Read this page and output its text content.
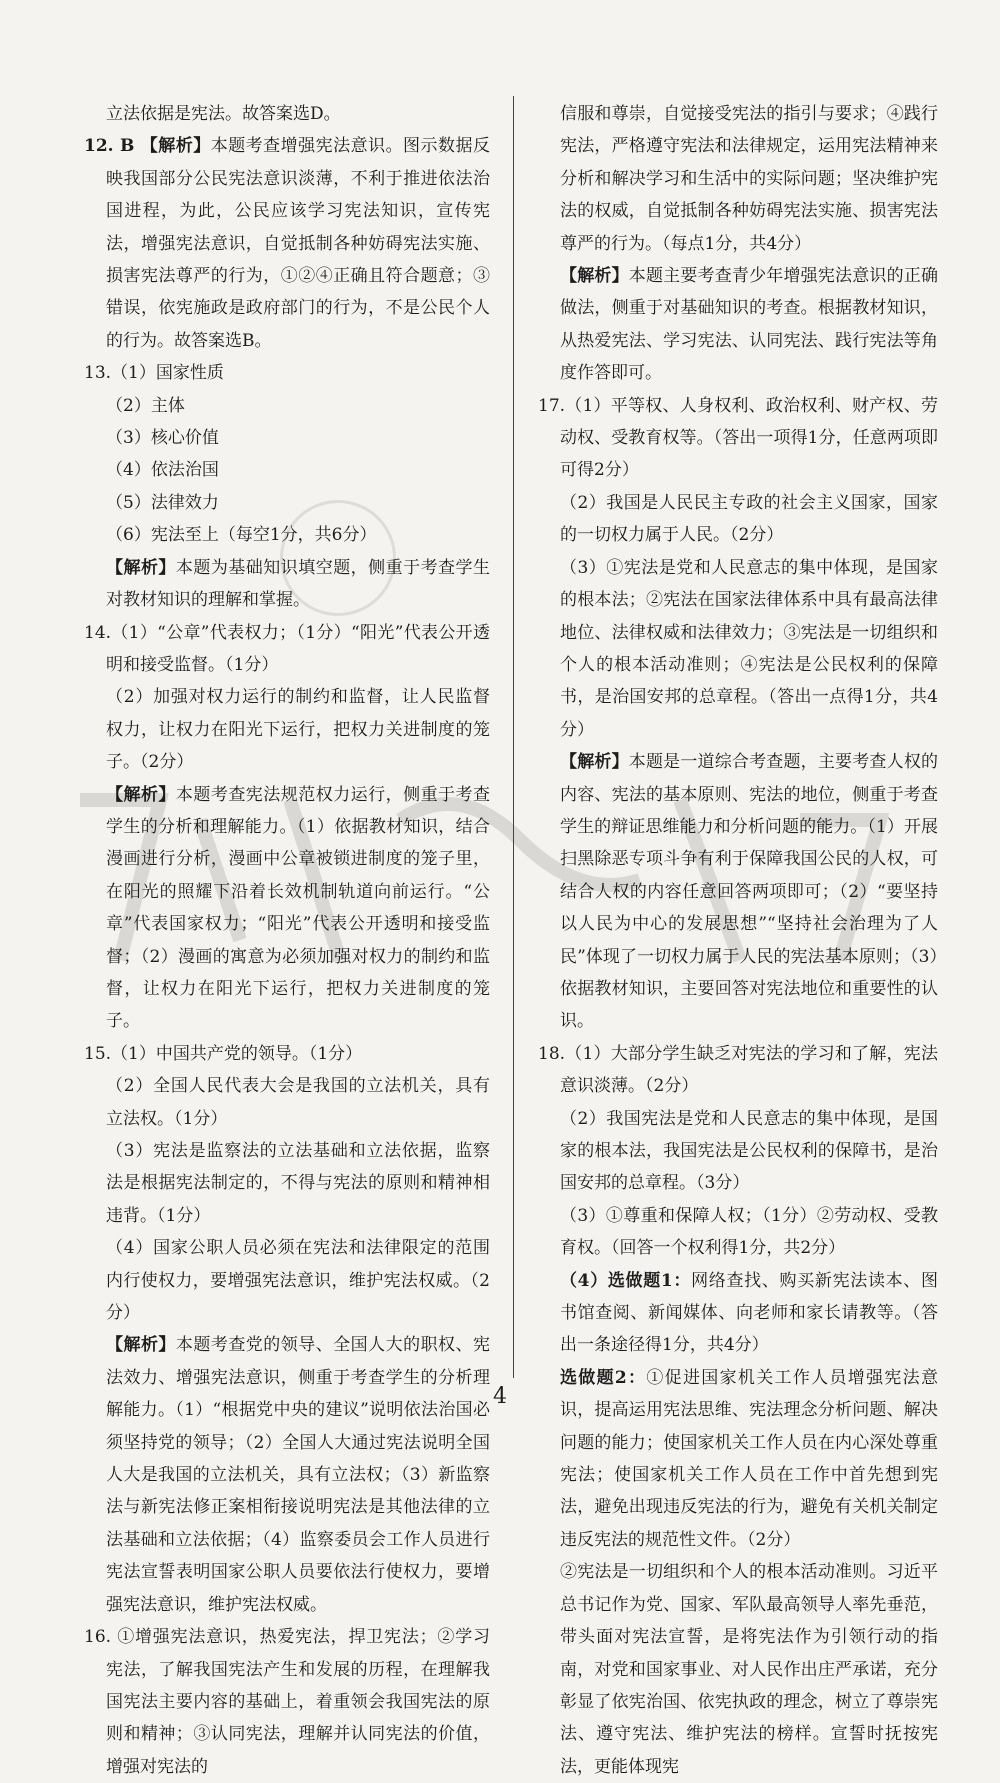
立法依据是宪法。故答案选D。

12. B 【解析】本题考查增强宪法意识。图示数据反映我国部分公民宪法意识淡薄，不利于推进依法治国进程，为此，公民应该学习宪法知识，宣传宪法，增强宪法意识，自觉抵制各种妨碍宪法实施、损害宪法尊严的行为，①②④正确且符合题意；③错误，依宪施政是政府部门的行为，不是公民个人的行为。故答案选B。

13.（1）国家性质

（2）主体

（3）核心价值

（4）依法治国

（5）法律效力

（6）宪法至上（每空1分，共6分）

【解析】本题为基础知识填空题，侧重于考查学生对教材知识的理解和掌握。

14.（1）“公章”代表权力；（1分）“阳光”代表公开透明和接受监督。（1分）

（2）加强对权力运行的制约和监督，让人民监督权力，让权力在阳光下运行，把权力关进制度的笼子。（2分）

【解析】本题考查宪法规范权力运行，侧重于考查学生的分析和理解能力。（1）依据教材知识，结合漫画进行分析，漫画中公章被锁进制度的笼子里，在阳光的照耀下沿着长效机制轨道向前运行。“公章”代表国家权力；“阳光”代表公开透明和接受监督；（2）漫画的寓意为必须加强对权力的制约和监督，让权力在阳光下运行，把权力关进制度的笼子。

15.（1）中国共产党的领导。（1分）

（2）全国人民代表大会是我国的立法机关，具有立法权。（1分）

（3）宪法是监察法的立法基础和立法依据，监察法是根据宪法制定的，不得与宪法的原则和精神相违背。（1分）

（4）国家公职人员必须在宪法和法律限定的范围内行使权力，要增强宪法意识，维护宪法权威。（2分）

【解析】本题考查党的领导、全国人大的职权、宪法效力、增强宪法意识，侧重于考查学生的分析理解能力。（1）“根据党中央的建议”说明依法治国必须坚持党的领导；（2）全国人大通过宪法说明全国人大是我国的立法机关，具有立法权；（3）新监察法与新宪法修正案相衔接说明宪法是其他法律的立法基础和立法依据；（4）监察委员会工作人员进行宪法宣誓表明国家公职人员要依法行使权力，要增强宪法意识，维护宪法权威。

16. ①增强宪法意识，热爱宪法，捍卫宪法；②学习宪法，了解我国宪法产生和发展的历程，在理解我国宪法主要内容的基础上，着重领会我国宪法的原则和精神；③认同宪法，理解并认同宪法的价值，增强对宪法的

信服和尊崇，自觉接受宪法的指引与要求；④践行宪法，严格遵守宪法和法律规定，运用宪法精神来分析和解决学习和生活中的实际问题；坚决维护宪法的权威，自觉抵制各种妨碍宪法实施、损害宪法尊严的行为。（每点1分，共4分）

【解析】本题主要考查青少年增强宪法意识的正确做法，侧重于对基础知识的考查。根据教材知识，从热爱宪法、学习宪法、认同宪法、践行宪法等角度作答即可。

17.（1）平等权、人身权利、政治权利、财产权、劳动权、受教育权等。（答出一项得1分，任意两项即可得2分）

（2）我国是人民民主专政的社会主义国家，国家的一切权力属于人民。（2分）

（3）①宪法是党和人民意志的集中体现，是国家的根本法；②宪法在国家法律体系中具有最高法律地位、法律权威和法律效力；③宪法是一切组织和个人的根本活动准则；④宪法是公民权利的保障书，是治国安邦的总章程。（答出一点得1分，共4分）

【解析】本题是一道综合考查题，主要考查人权的内容、宪法的基本原则、宪法的地位，侧重于考查学生的辩证思维能力和分析问题的能力。（1）开展扫黑除恶专项斗争有利于保障我国公民的人权，可结合人权的内容任意回答两项即可；（2）“要坚持以人民为中心的发展思想”“坚持社会治理为了人民”体现了一切权力属于人民的宪法基本原则；（3）依据教材知识，主要回答对宪法地位和重要性的认识。

18.（1）大部分学生缺乏对宪法的学习和了解，宪法意识淡薄。（2分）

（2）我国宪法是党和人民意志的集中体现，是国家的根本法，我国宪法是公民权利的保障书，是治国安邦的总章程。（3分）

（3）①尊重和保障人权；（1分）②劳动权、受教育权。（回答一个权利得1分，共2分）

（4）选做题1：网络查找、购买新宪法读本、图书馆查阅、新闻媒体、向老师和家长请教等。（答出一条途径得1分，共4分）

选做题2：①促进国家机关工作人员增强宪法意识，提高运用宪法思维、宪法理念分析问题、解决问题的能力；使国家机关工作人员在内心深处尊重宪法；使国家机关工作人员在工作中首先想到宪法，避免出现违反宪法的行为，避免有关机关制定违反宪法的规范性文件。（2分）

②宪法是一切组织和个人的根本活动准则。习近平总书记作为党、国家、军队最高领导人率先垂范，带头面对宪法宣誓，是将宪法作为引领行动的指南，对党和国家事业、对人民作出庄严承诺，充分彰显了依宪治国、依宪执政的理念，树立了尊崇宪法、遵守宪法、维护宪法的榜样。宣誓时抚按宪法，更能体现宪

4
